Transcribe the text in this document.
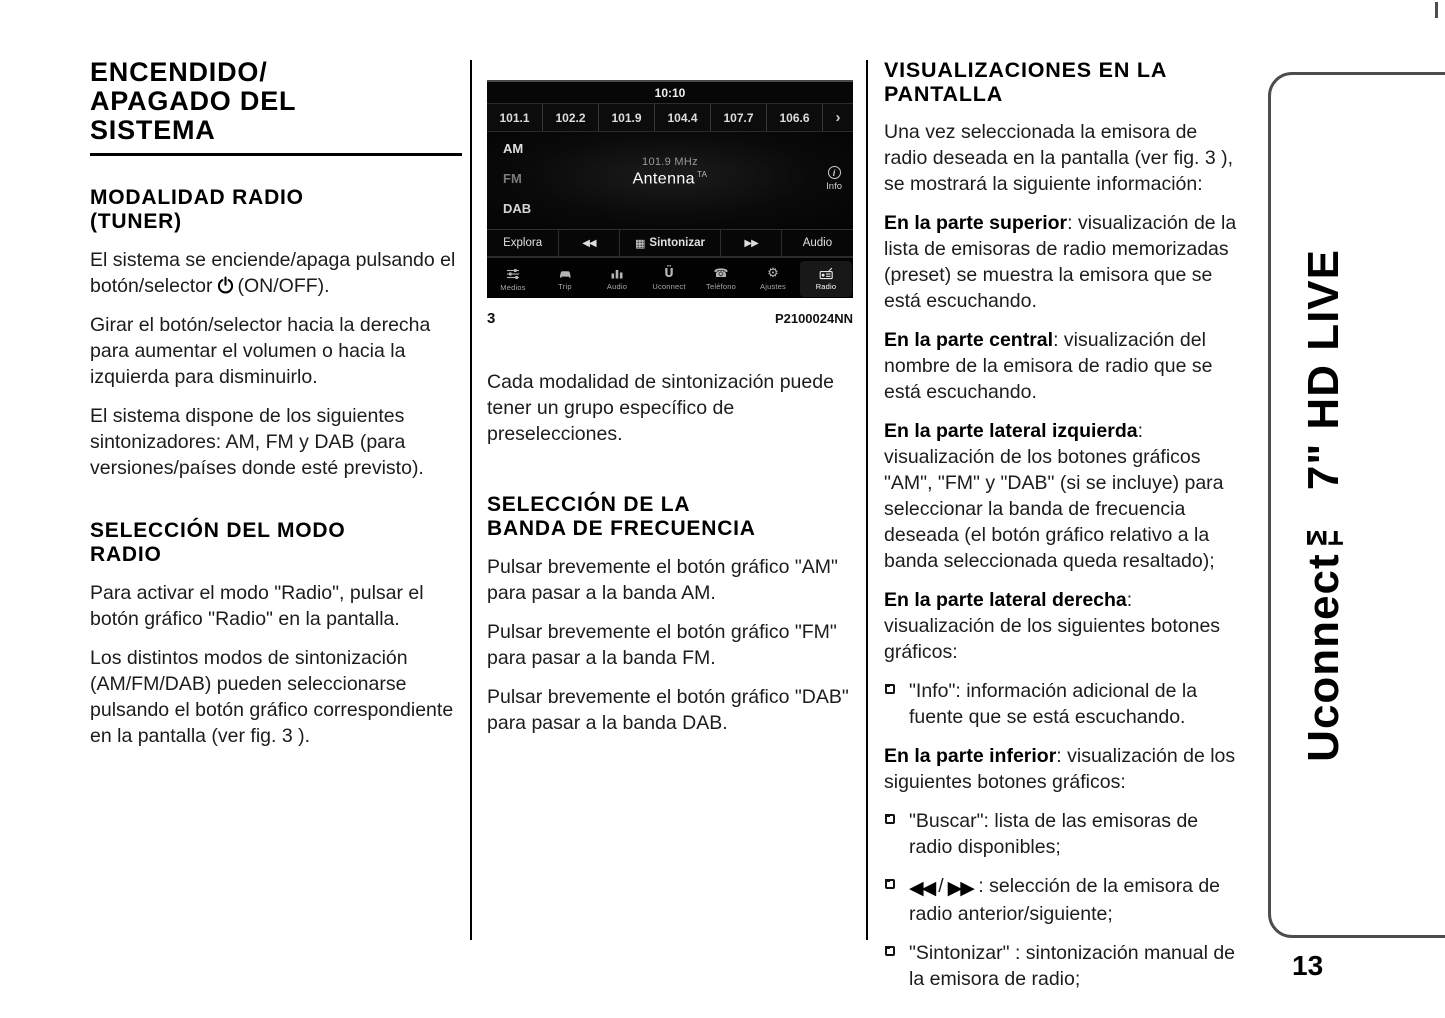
ENCENDIDO/
APAGADO DEL
SISTEMA
MODALIDAD RADIO
(TUNER)
El sistema se enciende/apaga pulsando el botón/selector (ON/OFF).
Girar el botón/selector hacia la derecha para aumentar el volumen o hacia la izquierda para disminuirlo.
El sistema dispone de los siguientes sintonizadores: AM, FM y DAB (para versiones/países donde esté previsto).
SELECCIÓN DEL MODO
RADIO
Para activar el modo "Radio", pulsar el botón gráfico "Radio" en la pantalla.
Los distintos modos de sintonización (AM/FM/DAB) pueden seleccionarse pulsando el botón gráfico correspondiente en la pantalla (ver fig. 3 ).
10:10
101.1	102.2	101.9	104.4	107.7	106.6	›
AM
FM
DAB
101.9 MHz
Antenna $^{TA}$	i
Info
Explora	◀◀	▦ Sintonizar	▶▶	Audio
Medios	Trip	Audio
Ü
Uconnect
☎
Teléfono
⚙
Ajustes	Radio
3	P2100024NN
Cada modalidad de sintonización puede tener un grupo específico de preselecciones.
SELECCIÓN DE LA
BANDA DE FRECUENCIA
Pulsar brevemente el botón gráfico "AM" para pasar a la banda AM.
Pulsar brevemente el botón gráfico "FM" para pasar a la banda FM.
Pulsar brevemente el botón gráfico "DAB" para pasar a la banda DAB.
VISUALIZACIONES EN LA
PANTALLA
Una vez seleccionada la emisora de radio deseada en la pantalla (ver fig. 3 ), se mostrará la siguiente información:
En la parte superior: visualización de la lista de emisoras de radio memorizadas (preset) se muestra la emisora que se está escuchando.
En la parte central: visualización del nombre de la emisora de radio que se está escuchando.
En la parte lateral izquierda: visualización de los botones gráficos "AM", "FM" y "DAB" (si se incluye) para seleccionar la banda de frecuencia deseada (el botón gráfico relativo a la banda seleccionada queda resaltado);
En la parte lateral derecha: visualización de los siguientes botones gráficos:
"Info": información adicional de la fuente que se está escuchando.
En la parte inferior: visualización de los siguientes botones gráficos:
"Buscar": lista de las emisoras de radio disponibles;
◀◀ / ▶▶ : selección de la emisora de radio anterior/siguiente;
"Sintonizar" : sintonización manual de la emisora de radio;
Uconnect™ 7" HD LIVE
13
